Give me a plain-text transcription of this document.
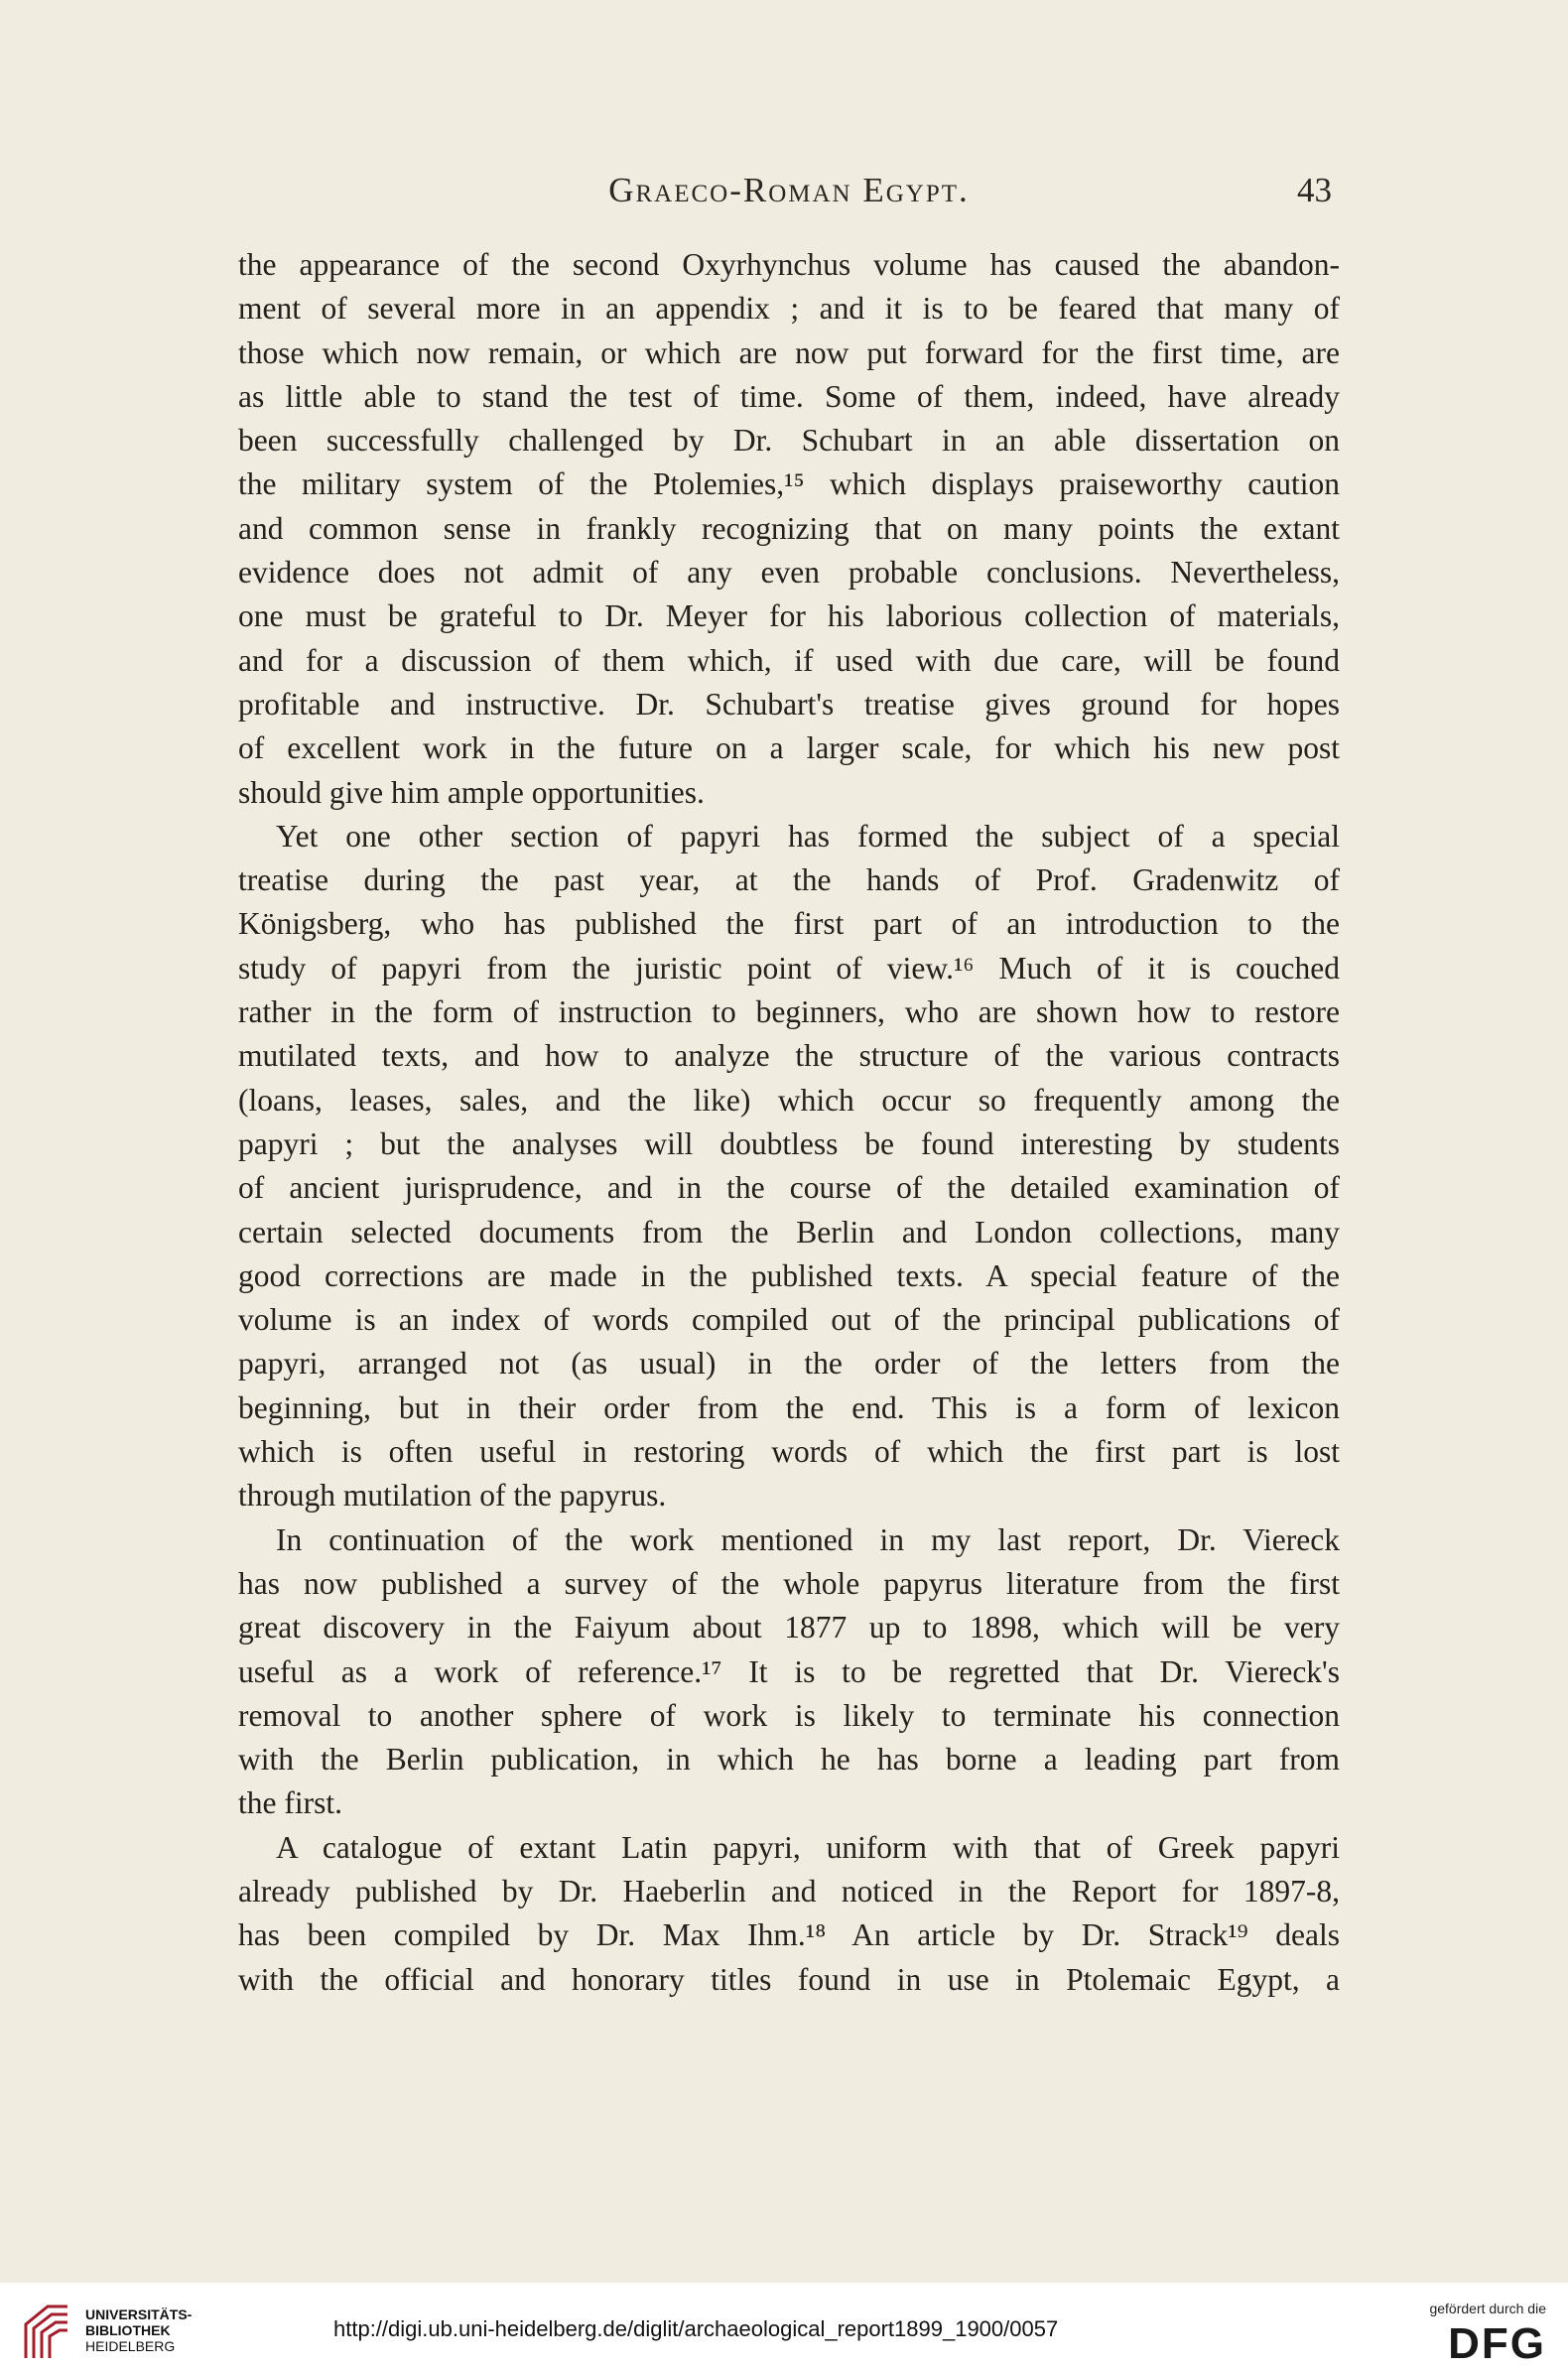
Graeco-Roman Egypt.	43
the appearance of the second Oxyrhynchus volume has caused the abandon-
ment of several more in an appendix ; and it is to be feared that many of
those which now remain, or which are now put forward for the first time, are
as little able to stand the test of time. Some of them, indeed, have already
been successfully challenged by Dr. Schubart in an able dissertation on
the military system of the Ptolemies,¹⁵ which displays praiseworthy caution
and common sense in frankly recognizing that on many points the extant
evidence does not admit of any even probable conclusions. Nevertheless,
one must be grateful to Dr. Meyer for his laborious collection of materials,
and for a discussion of them which, if used with due care, will be found
profitable and instructive. Dr. Schubart's treatise gives ground for hopes
of excellent work in the future on a larger scale, for which his new post
should give him ample opportunities.
Yet one other section of papyri has formed the subject of a special
treatise during the past year, at the hands of Prof. Gradenwitz of
Königsberg, who has published the first part of an introduction to the
study of papyri from the juristic point of view.¹⁶ Much of it is couched
rather in the form of instruction to beginners, who are shown how to restore
mutilated texts, and how to analyze the structure of the various contracts
(loans, leases, sales, and the like) which occur so frequently among the
papyri ; but the analyses will doubtless be found interesting by students
of ancient jurisprudence, and in the course of the detailed examination of
certain selected documents from the Berlin and London collections, many
good corrections are made in the published texts. A special feature of the
volume is an index of words compiled out of the principal publications of
papyri, arranged not (as usual) in the order of the letters from the
beginning, but in their order from the end. This is a form of lexicon
which is often useful in restoring words of which the first part is lost
through mutilation of the papyrus.
In continuation of the work mentioned in my last report, Dr. Viereck
has now published a survey of the whole papyrus literature from the first
great discovery in the Faiyum about 1877 up to 1898, which will be very
useful as a work of reference.¹⁷ It is to be regretted that Dr. Viereck's
removal to another sphere of work is likely to terminate his connection
with the Berlin publication, in which he has borne a leading part from
the first.
A catalogue of extant Latin papyri, uniform with that of Greek papyri
already published by Dr. Haeberlin and noticed in the Report for 1897-8,
has been compiled by Dr. Max Ihm.¹⁸ An article by Dr. Strack¹⁹ deals
with the official and honorary titles found in use in Ptolemaic Egypt, a
UNIVERSITÄTS-
BIBLIOTHEK
HEIDELBERG
http://digi.ub.uni-heidelberg.de/diglit/archaeological_report1899_1900/0057
gefördert durch die
DFG
